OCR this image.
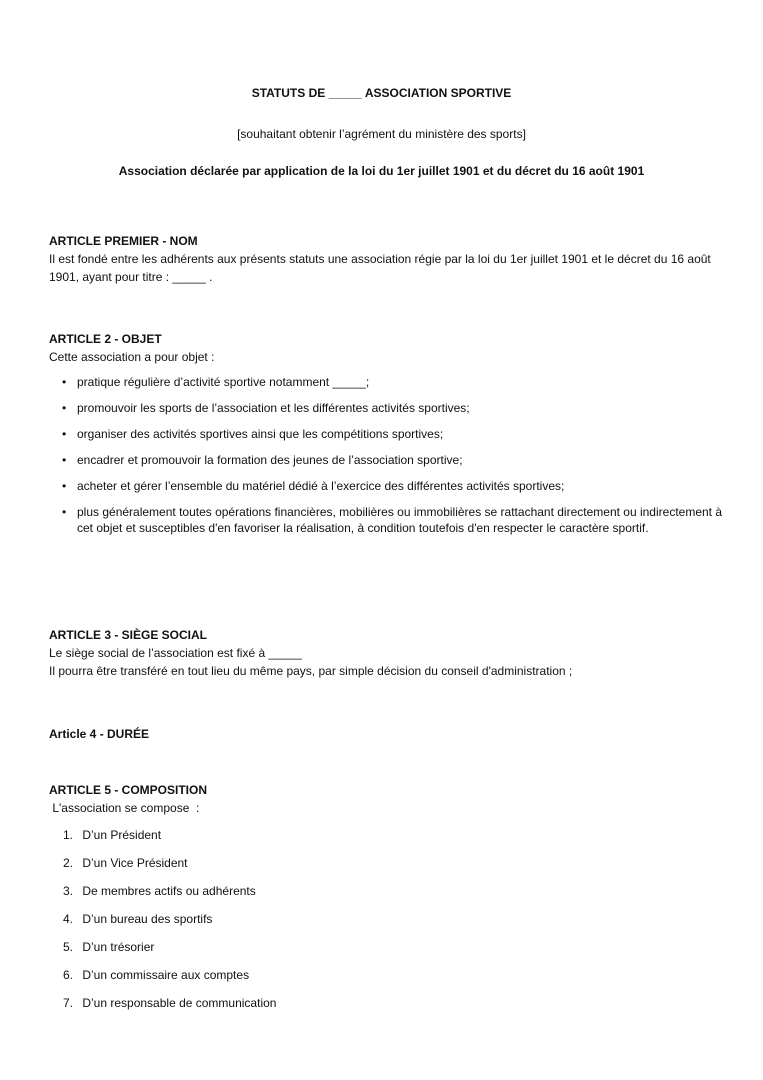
STATUTS DE _____ ASSOCIATION SPORTIVE
[souhaitant obtenir l’agrément du ministère des sports]
Association déclarée par application de la loi du 1er juillet 1901 et du décret du 16 août 1901

ARTICLE PREMIER - NOM

Il est fondé entre les adhérents aux présents statuts une association régie par la loi du 1er juillet 1901 et le décret du 16 août 1901, ayant pour titre : _____ .

ARTICLE 2 - OBJET

Cette association a pour objet :

• pratique régulière d’activité sportive notamment _____;
• promouvoir les sports de l’association et les différentes activités sportives;
• organiser des activités sportives ainsi que les compétitions sportives;
• encadrer et promouvoir la formation des jeunes de l’association sportive;
• acheter et gérer l’ensemble du matériel dédié à l’exercice des différentes activités sportives;
• plus généralement toutes opérations financières, mobilières ou immobilières se rattachant directement ou indirectement à cet objet et susceptibles d'en favoriser la réalisation, à condition toutefois d'en respecter le caractère sportif.

ARTICLE 3 - SIÈGE SOCIAL

Le siège social de l’association est fixé à _____

Il pourra être transféré en tout lieu du même pays, par simple décision du conseil d'administration ;

Article 4 - DURÉE

ARTICLE 5 - COMPOSITION

L'association se compose  :

1. D’un Président
2. D’un Vice Président
3. De membres actifs ou adhérents
4. D’un bureau des sportifs
5. D’un trésorier
6. D’un commissaire aux comptes
7. D’un responsable de communication
